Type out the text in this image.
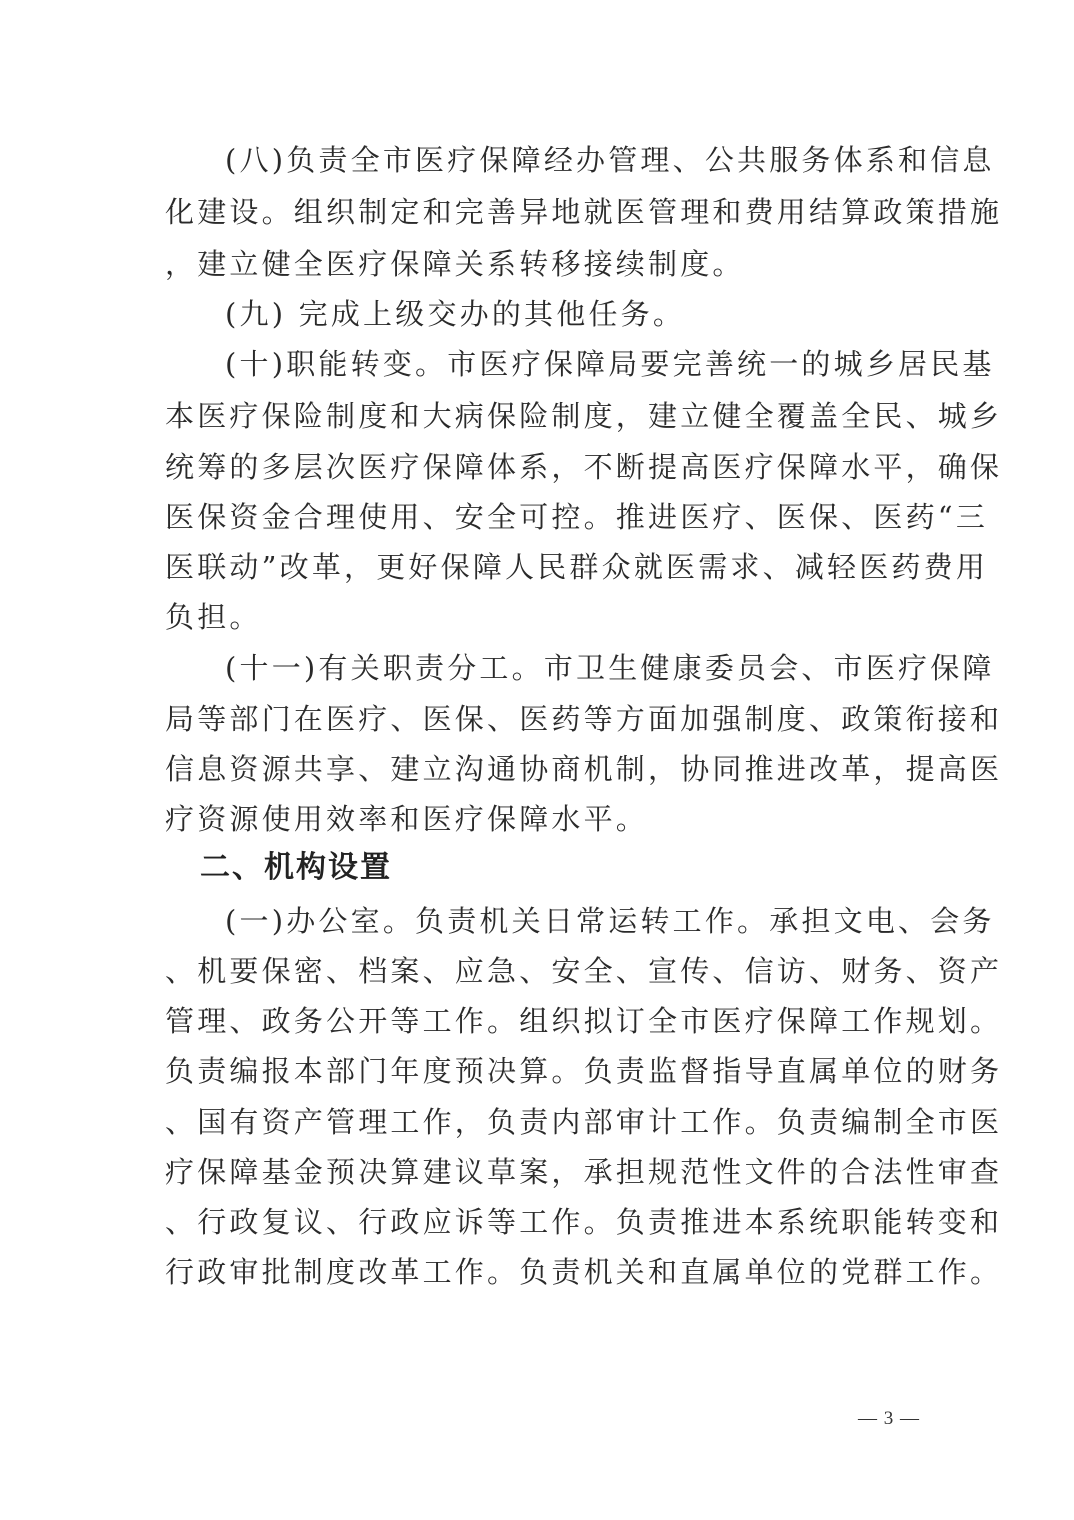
(八)负责全市医疗保障经办管理、公共服务体系和信息
化建设。组织制定和完善异地就医管理和费用结算政策措施
，建立健全医疗保障关系转移接续制度。
(九) 完成上级交办的其他任务。
(十)职能转变。市医疗保障局要完善统一的城乡居民基
本医疗保险制度和大病保险制度，建立健全覆盖全民、城乡
统筹的多层次医疗保障体系，不断提高医疗保障水平，确保
医保资金合理使用、安全可控。推进医疗、医保、医药“三
医联动”改革，更好保障人民群众就医需求、减轻医药费用
负担。
(十一)有关职责分工。市卫生健康委员会、市医疗保障
局等部门在医疗、医保、医药等方面加强制度、政策衔接和
信息资源共享、建立沟通协商机制，协同推进改革，提高医
疗资源使用效率和医疗保障水平。
二、机构设置
(一)办公室。负责机关日常运转工作。承担文电、会务
、机要保密、档案、应急、安全、宣传、信访、财务、资产
管理、政务公开等工作。组织拟订全市医疗保障工作规划。
负责编报本部门年度预决算。负责监督指导直属单位的财务
、国有资产管理工作，负责内部审计工作。负责编制全市医
疗保障基金预决算建议草案，承担规范性文件的合法性审查
、行政复议、行政应诉等工作。负责推进本系统职能转变和
行政审批制度改革工作。负责机关和直属单位的党群工作。
— 3 —
